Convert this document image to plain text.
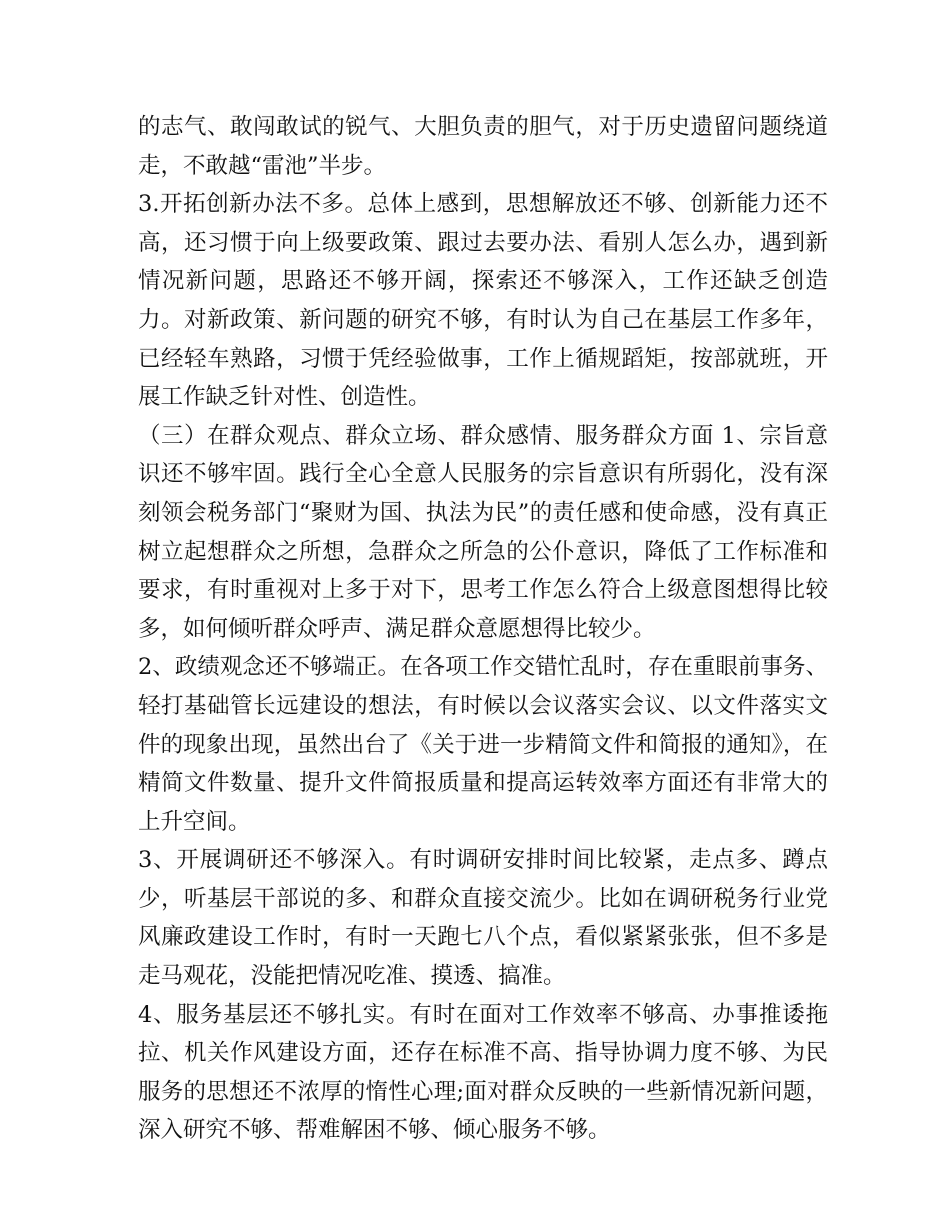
的志气、敢闯敢试的锐气、大胆负责的胆气，对于历史遗留问题绕道走，不敢越“雷池”半步。

3.开拓创新办法不多。总体上感到，思想解放还不够、创新能力还不高，还习惯于向上级要政策、跟过去要办法、看别人怎么办，遇到新情况新问题，思路还不够开阔，探索还不够深入，工作还缺乏创造力。对新政策、新问题的研究不够，有时认为自己在基层工作多年，已经轻车熟路，习惯于凭经验做事，工作上循规蹈矩，按部就班，开展工作缺乏针对性、创造性。

（三）在群众观点、群众立场、群众感情、服务群众方面 1、宗旨意识还不够牢固。践行全心全意人民服务的宗旨意识有所弱化，没有深刻领会税务部门“聚财为国、执法为民”的责任感和使命感，没有真正树立起想群众之所想，急群众之所急的公仆意识，降低了工作标准和要求，有时重视对上多于对下，思考工作怎么符合上级意图想得比较多，如何倾听群众呼声、满足群众意愿想得比较少。

2、政绩观念还不够端正。在各项工作交错忙乱时，存在重眼前事务、轻打基础管长远建设的想法，有时候以会议落实会议、以文件落实文件的现象出现，虽然出台了《关于进一步精简文件和简报的通知》，在精简文件数量、提升文件简报质量和提高运转效率方面还有非常大的上升空间。

3、开展调研还不够深入。有时调研安排时间比较紧，走点多、蹲点少，听基层干部说的多、和群众直接交流少。比如在调研税务行业党风廉政建设工作时，有时一天跑七八个点，看似紧紧张张，但不多是走马观花，没能把情况吃准、摸透、搞准。

4、服务基层还不够扎实。有时在面对工作效率不够高、办事推诿拖拉、机关作风建设方面，还存在标准不高、指导协调力度不够、为民服务的思想还不浓厚的惰性心理;面对群众反映的一些新情况新问题，深入研究不够、帮难解困不够、倾心服务不够。
